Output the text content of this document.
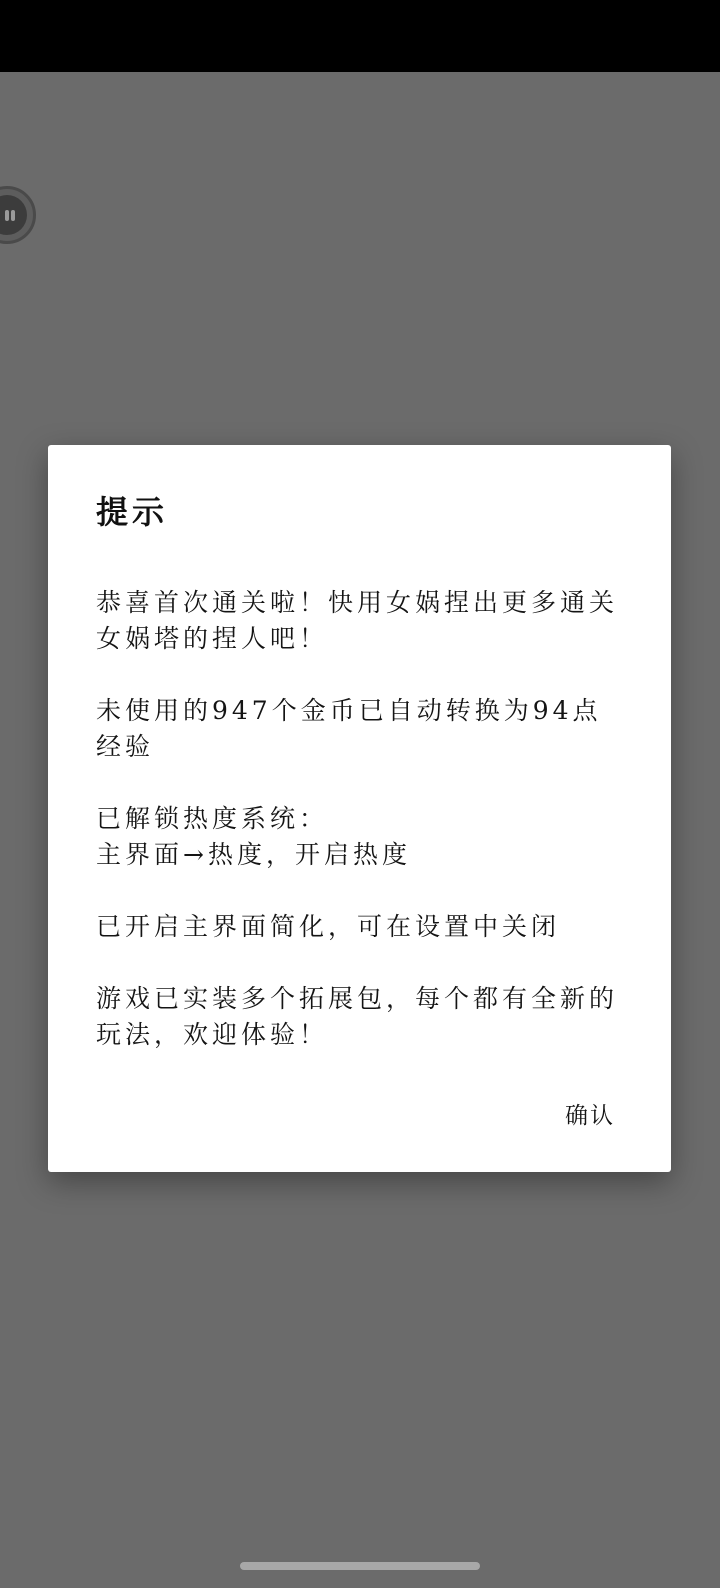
提示

恭喜首次通关啦！快用女娲捏出更多通关女娲塔的捏人吧！

未使用的947个金币已自动转换为94点经验

已解锁热度系统：
主界面→热度，开启热度

已开启主界面简化，可在设置中关闭

游戏已实装多个拓展包，每个都有全新的玩法，欢迎体验！

确认
